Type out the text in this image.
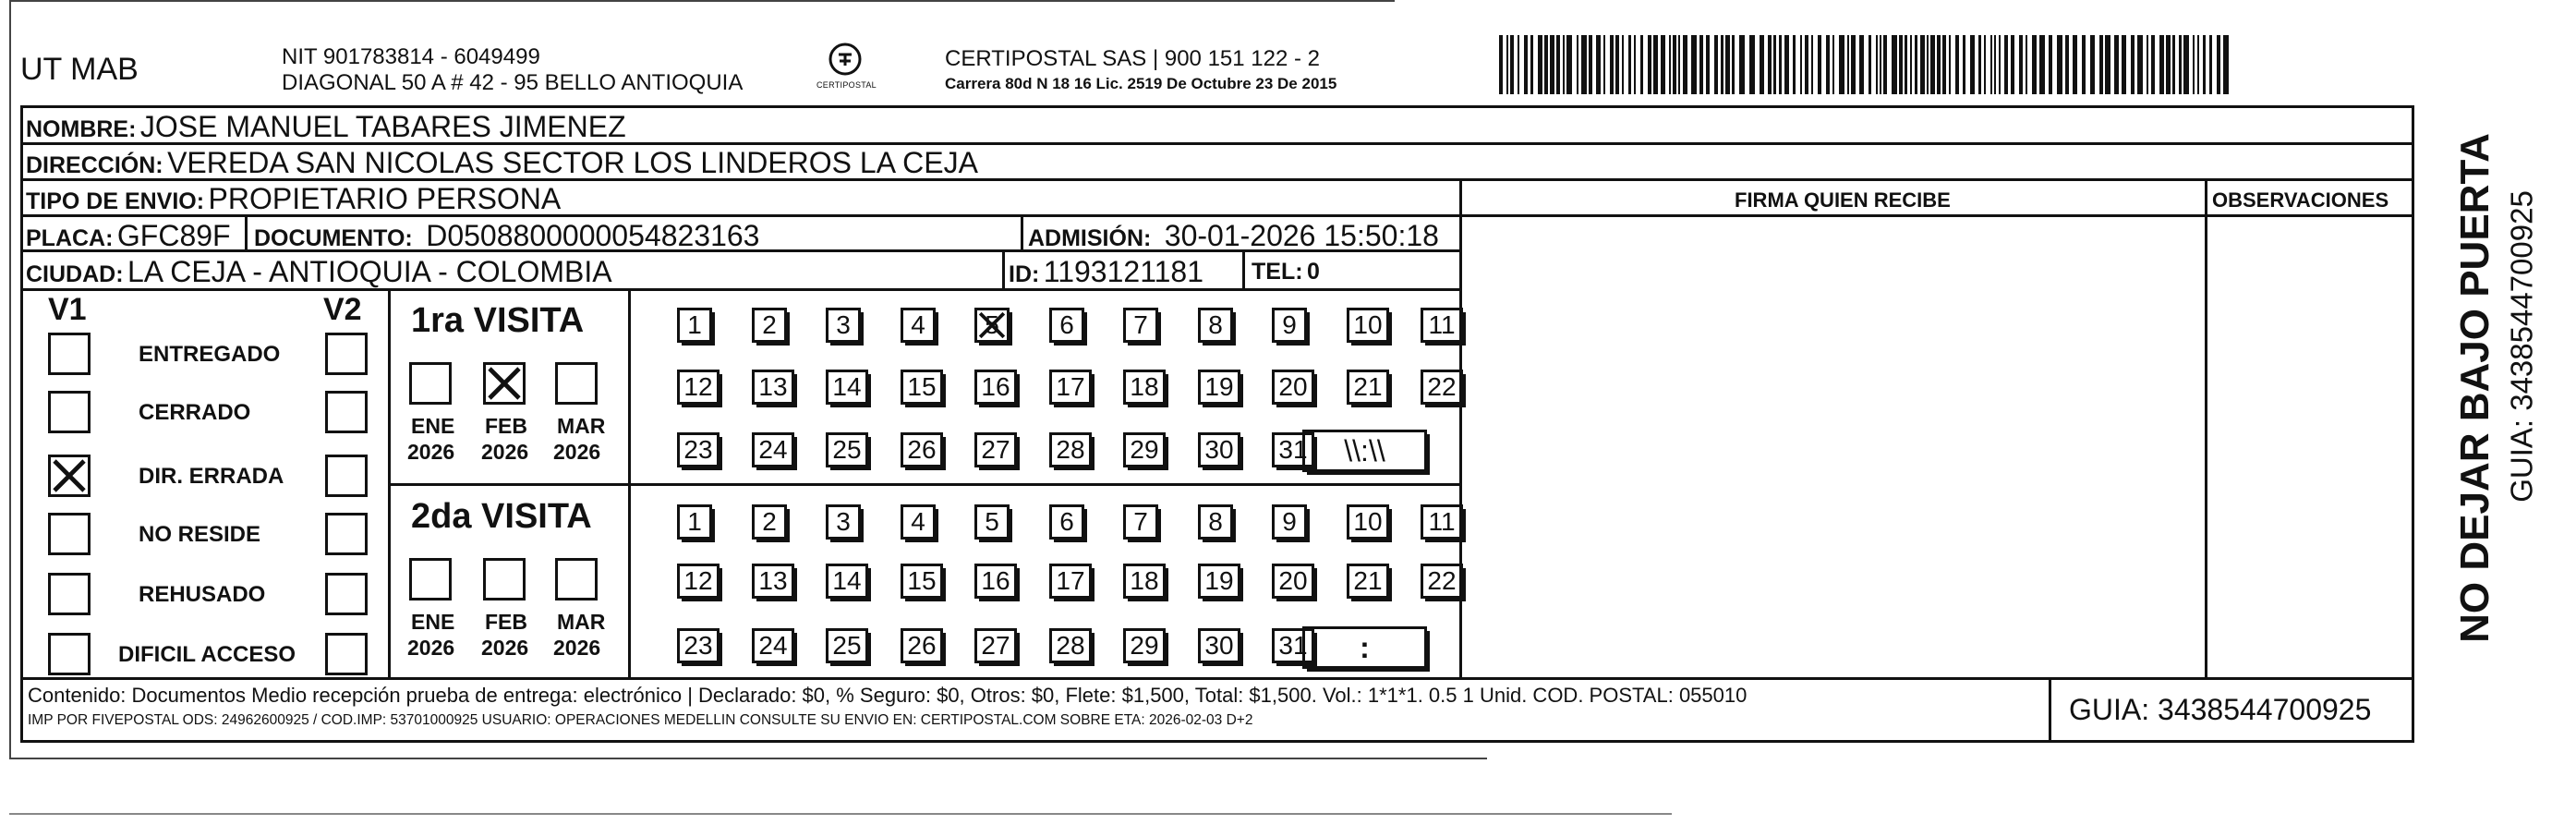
UT MAB	NIT 901783814 - 6049499
DIAGONAL 50 A # 42 - 95 BELLO ANTIOQUIA	CERTIPOSTAL
CERTIPOSTAL SAS | 900 151 122 - 2
Carrera 80d N 18 16 Lic. 2519 De Octubre 23 De 2015
NOMBRE: JOSE MANUEL TABARES JIMENEZ
DIRECCIÓN: VEREDA SAN NICOLAS SECTOR LOS LINDEROS LA CEJA
TIPO DE ENVIO: PROPIETARIO PERSONA	FIRMA QUIEN RECIBE	OBSERVACIONES
PLACA: GFC89F DOCUMENTO: D0508800000054823163	ADMISIÓN: 30-01-2026 15:50:18
CIUDAD: LA CEJA - ANTIOQUIA - COLOMBIA	ID: 1193121181 TEL: 0
V1	V2
ENTREGADO
CERRADO
DIR. ERRADA
NO RESIDE
REHUSADO
DIFICIL ACCESO
1ra VISITA
2da VISITA
ENE
2026
FEB
2026
MAR
2026
ENE
2026
FEB
2026
MAR
2026
1	2	3	4	5	6	7	8	9	10	11
12 13 14 15 16 17 18 19 20 21 22
23 24 25 26 27 28 29 30 31
1	2	3	4	5	6	7	8	9	10	11
12 13 14 15 16 17 18 19 20 21 22
23 24 25 26 27 28 29 30 31
\\:\\
:
Contenido: Documentos Medio recepción prueba de entrega: electrónico | Declarado: $0, % Seguro: $0, Otros: $0, Flete: $1,500, Total: $1,500. Vol.: 1*1*1. 0.5 1 Unid. COD. POSTAL: 055010
IMP POR FIVEPOSTAL ODS: 24962600925 / COD.IMP: 53701000925 USUARIO: OPERACIONES MEDELLIN CONSULTE SU ENVIO EN: CERTIPOSTAL.COM SOBRE ETA: 2026-02-03 D+2	GUIA: 3438544700925
NO DEJAR BAJO PUERTA GUIA: 3438544700925
